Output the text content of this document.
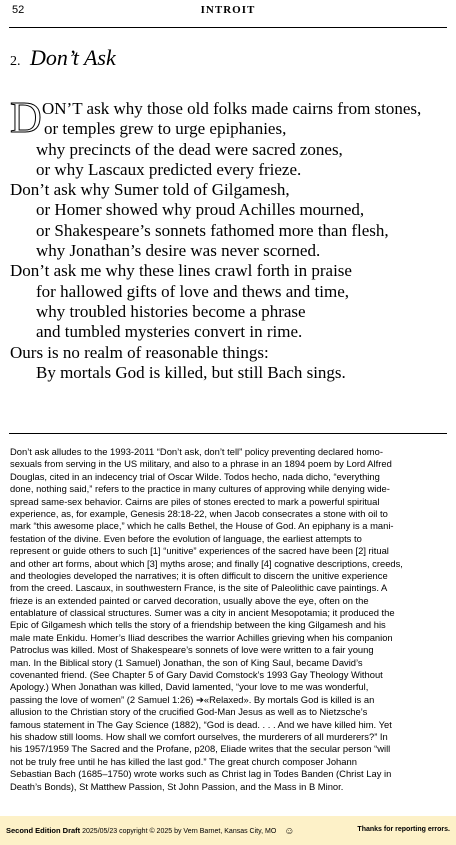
52	INTROIT
2. Don’t Ask
D ON’T ask why those old folks made cairns from stones,
or temples grew to urge epiphanies,
why precincts of the dead were sacred zones,
or why Lascaux predicted every frieze.
Don’t ask why Sumer told of Gilgamesh,
or Homer showed why proud Achilles mourned,
or Shakespeare’s sonnets fathomed more than flesh,
why Jonathan’s desire was never scorned.
Don’t ask me why these lines crawl forth in praise
for hallowed gifts of love and thews and time,
why troubled histories become a phrase
and tumbled mysteries convert in rime.
Ours is no realm of reasonable things:
By mortals God is killed, but still Bach sings.
Don’t ask alludes to the 1993-2011 “Don’t ask, don’t tell” policy preventing declared homo-
sexuals from serving in the US military, and also to a phrase in an 1894 poem by Lord Alfred
Douglas, cited in an indecency trial of Oscar Wilde. Todos hecho, nada dicho, “everything
done, nothing said,” refers to the practice in many cultures of approving while denying wide-
spread same-sex behavior. Cairns are piles of stones erected to mark a powerful spiritual
experience, as, for example, Genesis 28:18-22, when Jacob consecrates a stone with oil to
mark “this awesome place,” which he calls Bethel, the House of God. An epiphany is a mani-
festation of the divine. Even before the evolution of language, the earliest attempts to
represent or guide others to such [1] “unitive” experiences of the sacred have been [2] ritual
and other art forms, about which [3] myths arose; and finally [4] cognative descriptions, creeds,
and theologies developed the narratives; it is often difficult to discern the unitive experience
from the creed. Lascaux, in southwestern France, is the site of Paleolithic cave paintings. A
frieze is an extended painted or carved decoration, usually above the eye, often on the
entablature of classical structures. Sumer was a city in ancient Mesopotamia; it produced the
Epic of Gilgamesh which tells the story of a friendship between the king Gilgamesh and his
male mate Enkidu. Homer’s Iliad describes the warrior Achilles grieving when his companion
Patroclus was killed. Most of Shakespeare’s sonnets of love were written to a fair young
man. In the Biblical story (1 Samuel) Jonathan, the son of King Saul, became David’s
covenanted friend. (See Chapter 5 of Gary David Comstock’s 1993 Gay Theology Without
Apology.) When Jonathan was killed, David lamented, “your love to me was wonderful,
passing the love of women” (2 Samuel 1:26) ➔«Relaxed». By mortals God is killed is an
allusion to the Christian story of the crucified God-Man Jesus as well as to Nietzsche’s
famous statement in The Gay Science (1882), “God is dead. . . . And we have killed him. Yet
his shadow still looms. How shall we comfort ourselves, the murderers of all murderers?” In
his 1957/1959 The Sacred and the Profane, p208, Eliade writes that the secular person “will
not be truly free until he has killed the last god.” The great church composer Johann
Sebastian Bach (1685–1750) wrote works such as Christ lag in Todes Banden (Christ Lay in
Death’s Bonds), St Matthew Passion, St John Passion, and the Mass in B Minor.
Second Edition Draft 2025/05/23 copyright © 2025 by Vern Barnet, Kansas City, MO ☺	Thanks for reporting errors.
